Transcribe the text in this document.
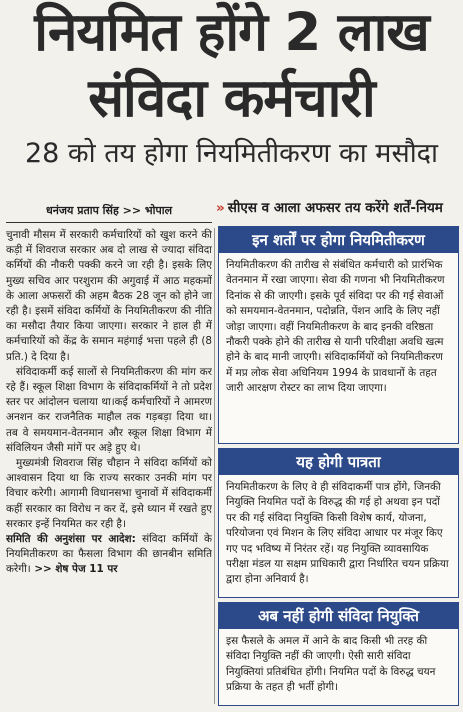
नियमित होंगे 2 लाख
संविदा कर्मचारी
28 को तय होगा नियमितीकरण का मसौदा
धनंजय प्रताप सिंह >> भोपाल	» सीएस व आला अफसर तय करेंगे शर्तें-नियम

चुनावी मौसम में सरकारी कर्मचारियों को खुश करने की कड़ी में शिवराज सरकार अब दो लाख से ज्यादा संविदा कर्मियों की नौकरी पक्की करने जा रही है। इसके लिए मुख्य सचिव आर परशुराम की अगुवाई में आठ महकमों के आला अफसरों की अहम बैठक 28 जून को होने जा रही है। इसमें संविदा कर्मियों के नियमितीकरण की नीति का मसौदा तैयार किया जाएगा। सरकार ने हाल ही में कर्मचारियों को केंद्र के समान महंगाई भत्ता पहले ही (8 प्रति.) दे दिया है।

संविदाकर्मी कई सालों से नियमितीकरण की मांग कर रहे हैं। स्कूल शिक्षा विभाग के संविदाकर्मियों ने तो प्रदेश स्तर पर आंदोलन चलाया था।कई कर्मचारियों ने आमरण अनशन कर राजनैतिक माहौल तक गड़बड़ा दिया था। तब वे समयमान-वेतनमान और स्कूल शिक्षा विभाग में संविलियन जैसी मांगें पर अड़े हुए थे।

मुख्यमंत्री शिवराज सिंह चौहान ने संविदा कर्मियों को आश्वासन दिया था कि राज्य सरकार उनकी मांग पर विचार करेगी। आगामी विधानसभा चुनावों में संविदाकर्मी कहीं सरकार का विरोध न कर दें, इसे ध्यान में रखते हुए सरकार इन्हें नियमित कर रही है।

समिति की अनुशंसा पर आदेश: संविदा कर्मियों के नियमितीकरण का फैसला विभाग की छानबीन समिति करेगी। >> शेष पेज 11 पर

इन शर्तों पर होगा नियमितीकरण
नियमितीकरण की तारीख से संबंधित कर्मचारी को प्रारंभिक वेतनमान में रखा जाएगा। सेवा की गणना भी नियमितीकरण दिनांक से की जाएगी। इसके पूर्व संविदा पर की गई सेवाओं को समयमान-वेतनमान, पदोन्नति, पेंशन आदि के लिए नहीं जोड़ा जाएगा। वहीं नियमितीकरण के बाद इनकी वरिष्ठता नौकरी पक्के होने की तारीख से यानी परिवीक्षा अवधि खत्म होने के बाद मानी जाएगी। संविदाकर्मियों को नियमितीकरण में मप्र लोक सेवा अधिनियम 1994 के प्रावधानों के तहत जारी आरक्षण रोस्टर का लाभ दिया जाएगा।
यह होगी पात्रता
नियमितीकरण के लिए वे ही संविदाकर्मी पात्र होंगे, जिनकी नियुक्ति नियमित पदों के विरुद्ध की गई हो अथवा इन पदों पर की गई संविदा नियुक्ति किसी विशेष कार्य, योजना, परियोजना एवं मिशन के लिए संविदा आधार पर मंजूर किए गए पद भविष्य में निरंतर रहें। यह नियुक्ति व्यावसायिक परीक्षा मंडल या सक्षम प्राधिकारी द्वारा निर्धारित चयन प्रक्रिया द्वारा होना अनिवार्य है।
अब नहीं होगी संविदा नियुक्ति
इस फैसले के अमल में आने के बाद किसी भी तरह की संविदा नियुक्ति नहीं की जाएगी। ऐसी सारी संविदा नियुक्तियां प्रतिबंधित होंगी। नियमित पदों के विरुद्ध चयन प्रक्रिया के तहत ही भर्ती होगी।
